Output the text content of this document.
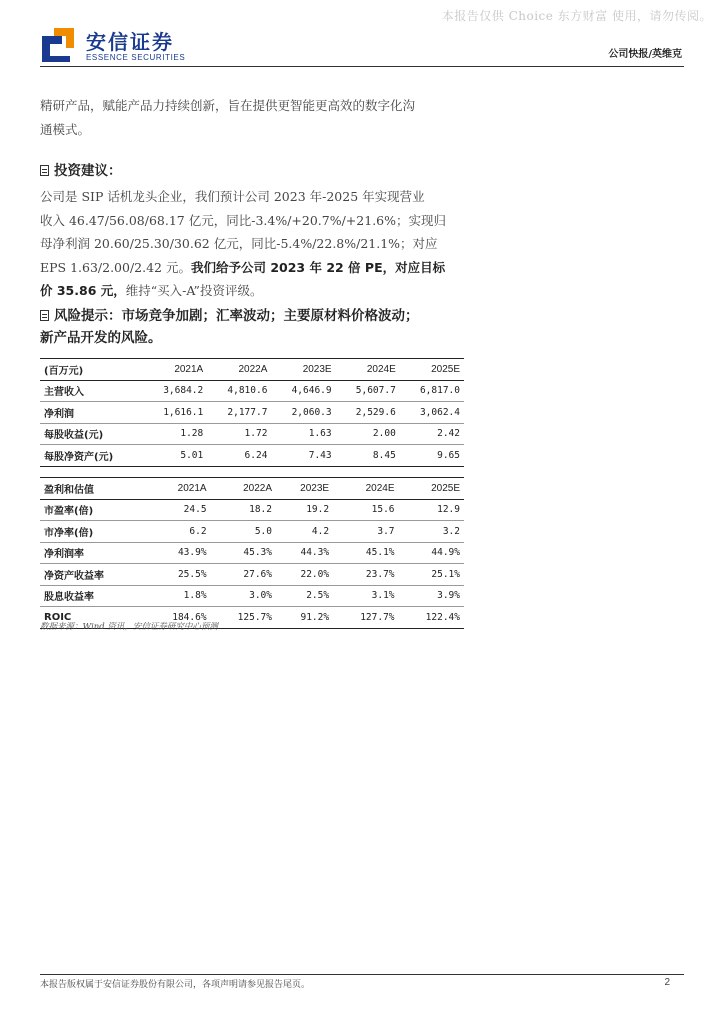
本报告仅供 Choice 东方财富 使用，请勿传阅。
安信证券
ESSENCE SECURITIES	公司快报/英维克
精研产品，赋能产品力持续创新，旨在提供更智能更高效的数字化沟
通模式。
投资建议：
公司是 SIP 话机龙头企业，我们预计公司 2023 年-2025 年实现营业
收入 46.47/56.08/68.17 亿元，同比-3.4%/+20.7%/+21.6%；实现归
母净利润 20.60/25.30/30.62 亿元，同比-5.4%/22.8%/21.1%；对应
EPS 1.63/2.00/2.42 元。我们给予公司 2023 年 22 倍 PE，对应目标
价 35.86 元，维持“买入-A”投资评级。
风险提示：市场竞争加剧；汇率波动；主要原材料价格波动；
新产品开发的风险。
(百万元)	2021A	2022A	2023E	2024E	2025E
主营收入	3,684.2	4,810.6	4,646.9	5,607.7	6,817.0
净利润	1,616.1	2,177.7	2,060.3	2,529.6	3,062.4
每股收益(元)	1.28	1.72	1.63	2.00	2.42
每股净资产(元)	5.01	6.24	7.43	8.45	9.65
盈利和估值	2021A	2022A	2023E	2024E	2025E
市盈率(倍)	24.5	18.2	19.2	15.6	12.9
市净率(倍)	6.2	5.0	4.2	3.7	3.2
净利润率	43.9%	45.3%	44.3%	45.1%	44.9%
净资产收益率	25.5%	27.6%	22.0%	23.7%	25.1%
股息收益率	1.8%	3.0%	2.5%	3.1%	3.9%
ROIC	184.6%	125.7%	91.2%	127.7%	122.4%
数据来源：Wind 资讯，安信证券研究中心预测
本报告版权属于安信证券股份有限公司，各项声明请参见报告尾页。	2
